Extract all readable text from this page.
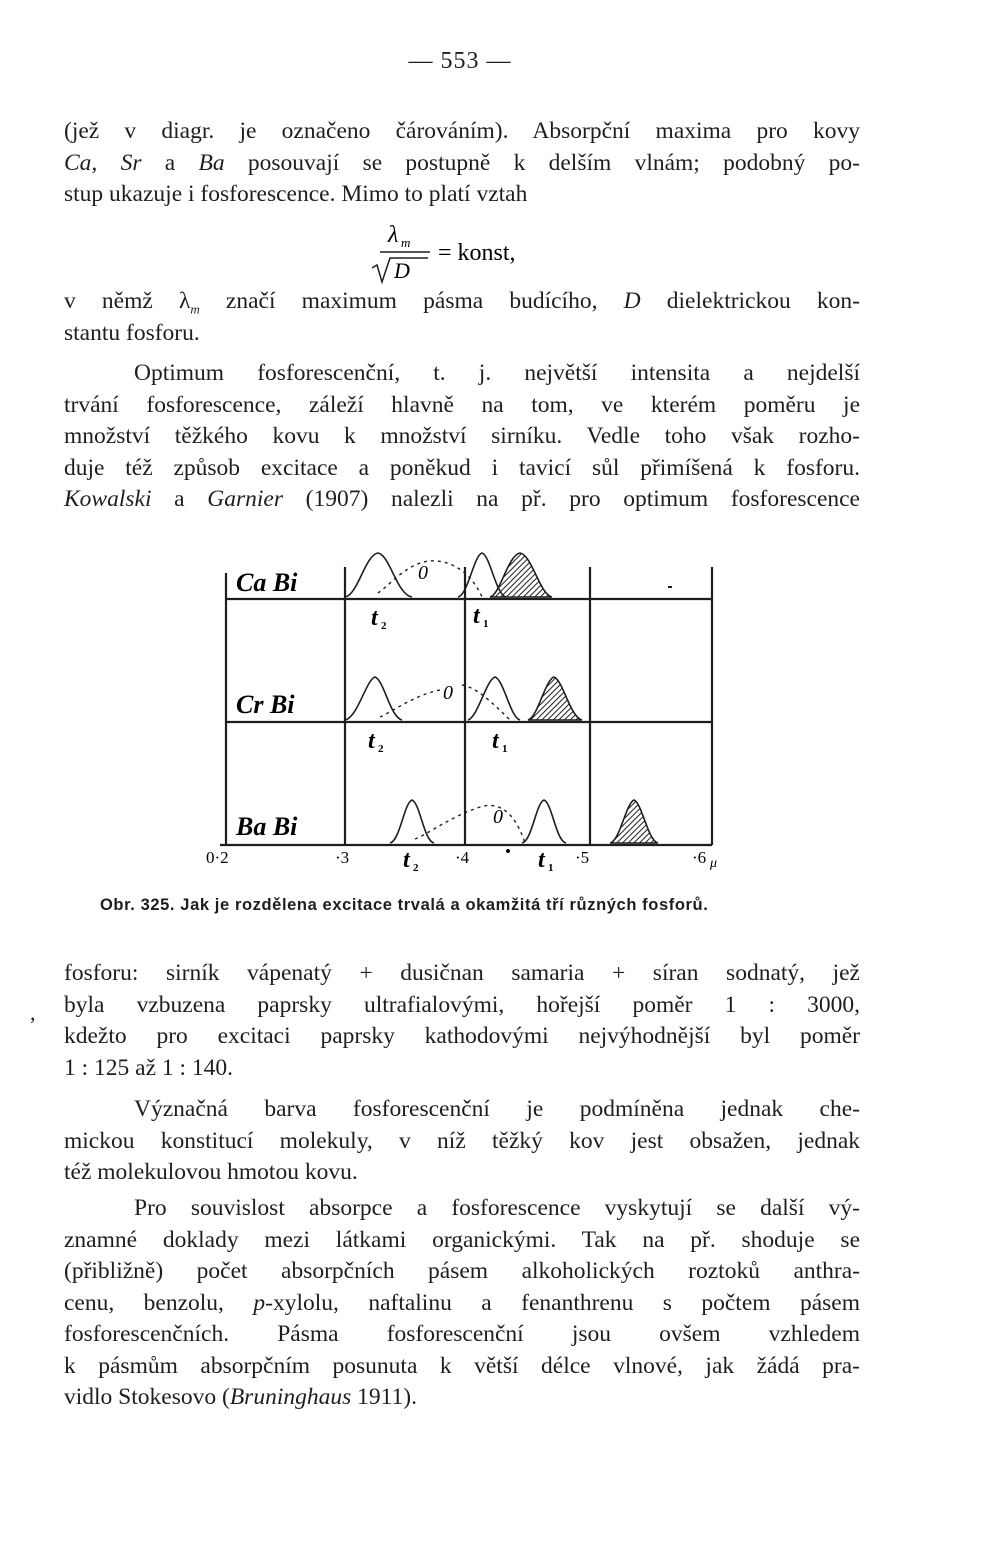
— 553 —
(jež v diagr. je označeno čárováním). Absorpční maxima pro kovy
Ca, Sr a Ba posouvají se postupně k delším vlnám; podobný po-
stup ukazuje i fosforescence. Mimo to platí vztah
λ m
D
= konst,
v němž $\lambda_m$ značí maximum pásma budícího, D dielektrickou kon-
stantu fosforu.
Optimum fosforescenční, t. j. největší intensita a nejdelší
trvání fosforescence, záleží hlavně na tom, ve kterém poměru je
množství těžkého kovu k množství sirníku. Vedle toho však rozho-
duje též způsob excitace a poněkud i tavicí sůl přimíšená k fosforu.
Kowalski a Garnier (1907) nalezli na př. pro optimum fosforescence
Ca Bi
Cr Bi
Ba Bi
0
t 2	t 1
0
t 2	t 1
0
t 2	t 1
0·2	·3	·4 •	·5	·6 μ
Obr. 325. Jak je rozdělena excitace trvalá a okamžitá tří různých fosforů.
fosforu: sirník vápenatý + dusičnan samaria + síran sodnatý, jež
byla vzbuzena paprsky ultrafialovými, hořejší poměr 1 : 3000,
kdežto pro excitaci paprsky kathodovými nejvýhodnější byl poměr
1 : 125 až 1 : 140.
,
Význačná barva fosforescenční je podmíněna jednak che-
mickou konstitucí molekuly, v níž těžký kov jest obsažen, jednak
též molekulovou hmotou kovu.
Pro souvislost absorpce a fosforescence vyskytují se další vý-
znamné doklady mezi látkami organickými. Tak na př. shoduje se
(přibližně) počet absorpčních pásem alkoholických roztoků anthra-
cenu, benzolu, p-xylolu, naftalinu a fenanthrenu s počtem pásem
fosforescenčních. Pásma fosforescenční jsou ovšem vzhledem
k pásmům absorpčním posunuta k větší délce vlnové, jak žádá pra-
vidlo Stokesovo (Bruninghaus 1911).
